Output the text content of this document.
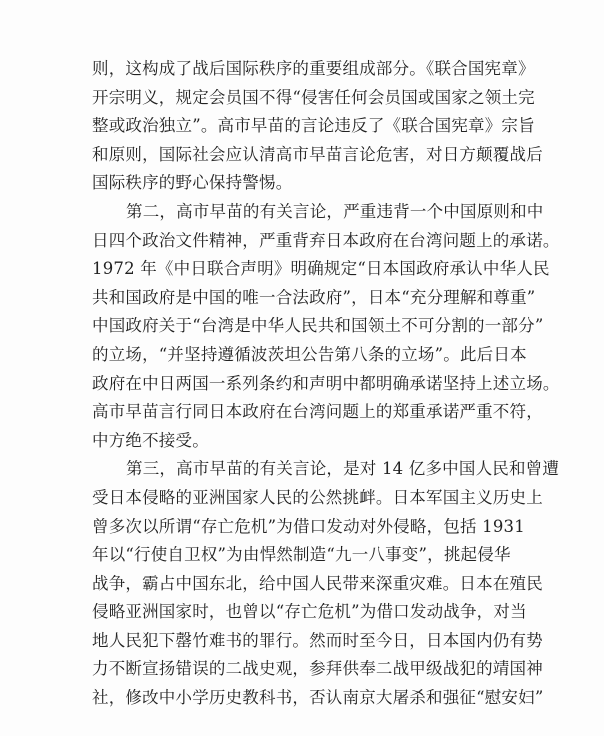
则，这构成了战后国际秩序的重要组成部分。《联合国宪章》
开宗明义，规定会员国不得“侵害任何会员国或国家之领土完
整或政治独立”。高市早苗的言论违反了《联合国宪章》宗旨
和原则，国际社会应认清高市早苗言论危害，对日方颠覆战后
国际秩序的野心保持警惕。
第二，高市早苗的有关言论，严重违背一个中国原则和中
日四个政治文件精神，严重背弃日本政府在台湾问题上的承诺。
1972 年《中日联合声明》明确规定“日本国政府承认中华人民
共和国政府是中国的唯一合法政府”，日本“充分理解和尊重”
中国政府关于“台湾是中华人民共和国领土不可分割的一部分”
的立场，“并坚持遵循波茨坦公告第八条的立场”。此后日本
政府在中日两国一系列条约和声明中都明确承诺坚持上述立场。
高市早苗言行同日本政府在台湾问题上的郑重承诺严重不符，
中方绝不接受。
第三，高市早苗的有关言论，是对 14 亿多中国人民和曾遭
受日本侵略的亚洲国家人民的公然挑衅。日本军国主义历史上
曾多次以所谓“存亡危机”为借口发动对外侵略，包括 1931
年以“行使自卫权”为由悍然制造“九一八事变”，挑起侵华
战争，霸占中国东北，给中国人民带来深重灾难。日本在殖民
侵略亚洲国家时，也曾以“存亡危机”为借口发动战争，对当
地人民犯下罄竹难书的罪行。然而时至今日，日本国内仍有势
力不断宣扬错误的二战史观，参拜供奉二战甲级战犯的靖国神
社，修改中小学历史教科书，否认南京大屠杀和强征“慰安妇”
